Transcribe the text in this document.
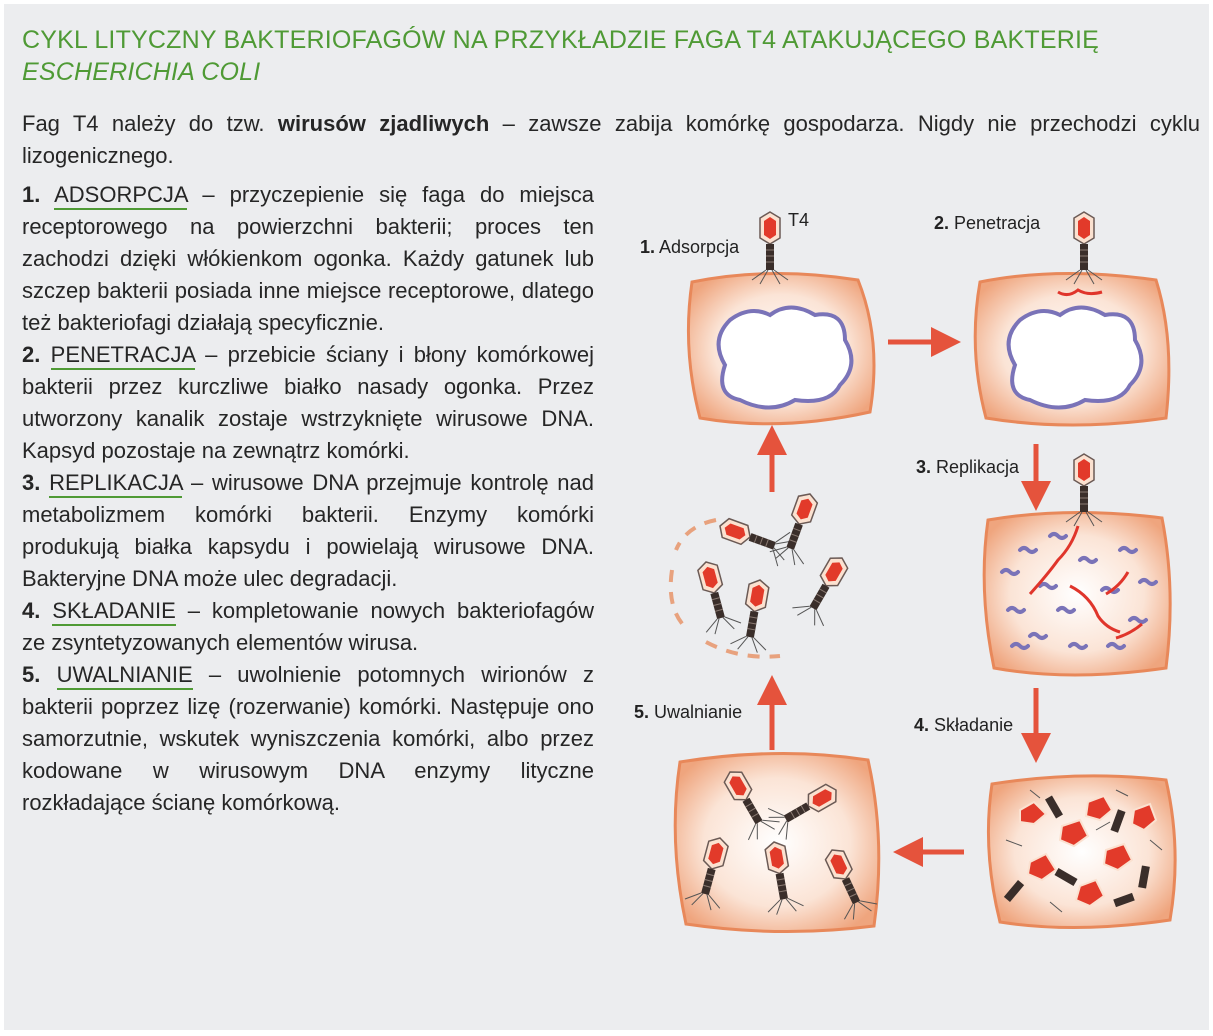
CYKL LITYCZNY BAKTERIOFAGÓW NA PRZYKŁADZIE FAGA T4 ATAKUJĄCEGO BAKTERIĘ
ESCHERICHIA COLI
Fag T4 należy do tzw. wirusów zjadliwych – zawsze zabija komórkę gospodarza. Nigdy nie przechodzi cyklu lizogenicznego.

1. ADSORPCJA – przyczepienie się faga do miejsca receptorowego na powierzchni bakterii; proces ten zachodzi dzięki włókienkom ogonka. Każdy gatunek lub szczep bakterii posiada inne miejsce receptorowe, dlatego też bakteriofagi działają specyficznie.

2. PENETRACJA – przebicie ściany i błony komórkowej bakterii przez kurczliwe białko nasady ogonka. Przez utworzony kanalik zostaje wstrzyknięte wirusowe DNA. Kapsyd pozostaje na zewnątrz komórki.

3. REPLIKACJA – wirusowe DNA przejmuje kontrolę nad metabolizmem komórki bakterii. Enzymy komórki produkują białka kapsydu i powielają wirusowe DNA. Bakteryjne DNA może ulec degradacji.

4. SKŁADANIE – kompletowanie nowych bakteriofagów ze zsyntetyzowanych elementów wirusa.

5. UWALNIANIE – uwolnienie potomnych wirionów z bakterii poprzez lizę (rozerwanie) komórki. Następuje ono samorzutnie, wskutek wyniszczenia komórki, albo przez kodowane w wirusowym DNA enzymy lityczne rozkładające ścianę komórkową.

1. Adsorpcja
T4	2. Penetracja
3. Replikacja
4. Składanie
5. Uwalnianie
